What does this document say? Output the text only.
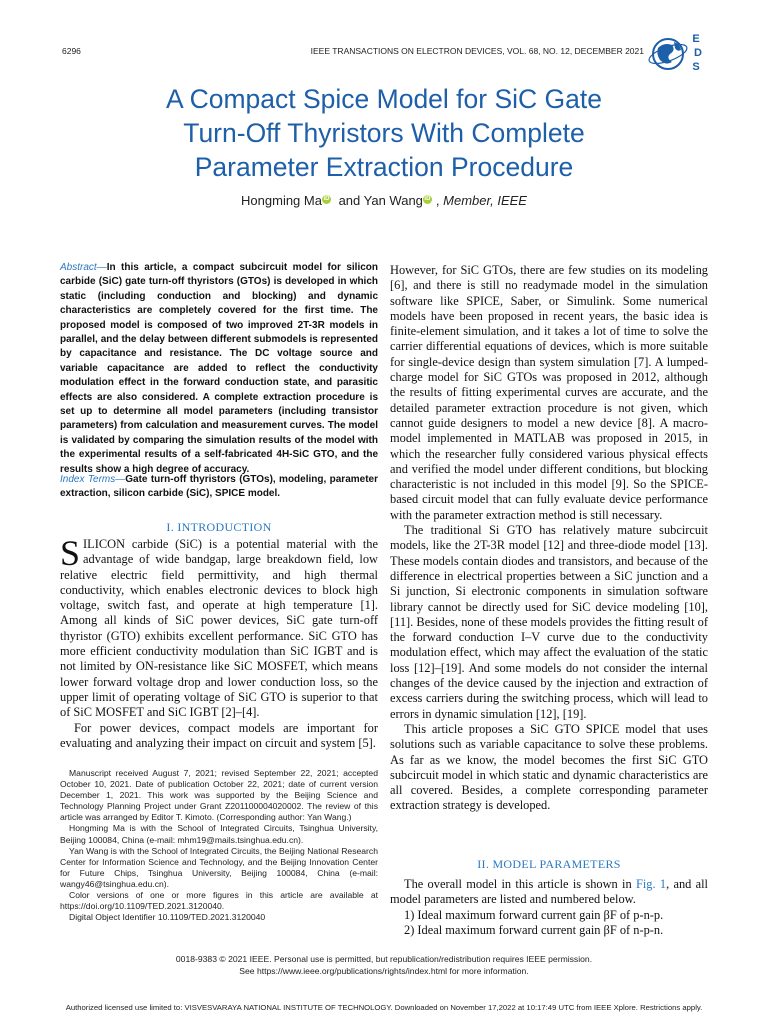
6296	IEEE TRANSACTIONS ON ELECTRON DEVICES, VOL. 68, NO. 12, DECEMBER 2021
E
D
S
A Compact Spice Model for SiC Gate
Turn-Off Thyristors With Complete
Parameter Extraction Procedure
Hongming Ma iD and Yan Wang iD , Member, IEEE
Abstract—In this article, a compact subcircuit model for silicon carbide (SiC) gate turn-off thyristors (GTOs) is developed in which static (including conduction and blocking) and dynamic characteristics are completely covered for the first time. The proposed model is composed of two improved 2T-3R models in parallel, and the delay between different submodels is represented by capacitance and resistance. The DC voltage source and variable capacitance are added to reflect the conductivity modulation effect in the forward conduction state, and parasitic effects are also considered. A complete extraction procedure is set up to determine all model parameters (including transistor parameters) from calculation and measurement curves. The model is validated by comparing the simulation results of the model with the experimental results of a self-fabricated 4H-SiC GTO, and the results show a high degree of accuracy.
Index Terms—Gate turn-off thyristors (GTOs), modeling, parameter extraction, silicon carbide (SiC), SPICE model.
I. INTRODUCTION

SILICON carbide (SiC) is a potential material with the advantage of wide bandgap, large breakdown field, low relative electric field permittivity, and high thermal conductivity, which enables electronic devices to block high voltage, switch fast, and operate at high temperature [1]. Among all kinds of SiC power devices, SiC gate turn-off thyristor (GTO) exhibits excellent performance. SiC GTO has more efficient conductivity modulation than SiC IGBT and is not limited by ON-resistance like SiC MOSFET, which means lower forward voltage drop and lower conduction loss, so the upper limit of operating voltage of SiC GTO is superior to that of SiC MOSFET and SiC IGBT [2]–[4].

For power devices, compact models are important for evaluating and analyzing their impact on circuit and system [5].

Manuscript received August 7, 2021; revised September 22, 2021; accepted October 10, 2021. Date of publication October 22, 2021; date of current version December 1, 2021. This work was supported by the Beijing Science and Technology Planning Project under Grant Z201100004020002. The review of this article was arranged by Editor T. Kimoto. (Corresponding author: Yan Wang.)

Hongming Ma is with the School of Integrated Circuits, Tsinghua University, Beijing 100084, China (e-mail: mhm19@mails.tsinghua.edu.cn).

Yan Wang is with the School of Integrated Circuits, the Beijing National Research Center for Information Science and Technology, and the Beijing Innovation Center for Future Chips, Tsinghua University, Beijing 100084, China (e-mail: wangy46@tsinghua.edu.cn).

Color versions of one or more figures in this article are available at https://doi.org/10.1109/TED.2021.3120040.

Digital Object Identifier 10.1109/TED.2021.3120040

However, for SiC GTOs, there are few studies on its modeling [6], and there is still no readymade model in the simulation software like SPICE, Saber, or Simulink. Some numerical models have been proposed in recent years, the basic idea is finite-element simulation, and it takes a lot of time to solve the carrier differential equations of devices, which is more suitable for single-device design than system simulation [7]. A lumped-charge model for SiC GTOs was proposed in 2012, although the results of fitting experimental curves are accurate, and the detailed parameter extraction procedure is not given, which cannot guide designers to model a new device [8]. A macro-model implemented in MATLAB was proposed in 2015, in which the researcher fully considered various physical effects and verified the model under different conditions, but blocking characteristic is not included in this model [9]. So the SPICE-based circuit model that can fully evaluate device performance with the parameter extraction method is still necessary.

The traditional Si GTO has relatively mature subcircuit models, like the 2T-3R model [12] and three-diode model [13]. These models contain diodes and transistors, and because of the difference in electrical properties between a SiC junction and a Si junction, Si electronic components in simulation software library cannot be directly used for SiC device modeling [10], [11]. Besides, none of these models provides the fitting result of the forward conduction I–V curve due to the conductivity modulation effect, which may affect the evaluation of the static loss [12]–[19]. And some models do not consider the internal changes of the device caused by the injection and extraction of excess carriers during the switching process, which will lead to errors in dynamic simulation [12], [19].

This article proposes a SiC GTO SPICE model that uses solutions such as variable capacitance to solve these problems. As far as we know, the model becomes the first SiC GTO subcircuit model in which static and dynamic characteristics are all covered. Besides, a complete corresponding parameter extraction strategy is developed.

II. MODEL PARAMETERS

The overall model in this article is shown in Fig. 1, and all model parameters are listed and numbered below.

1) Ideal maximum forward current gain βF of p-n-p.

2) Ideal maximum forward current gain βF of n-p-n.

0018-9383 © 2021 IEEE. Personal use is permitted, but republication/redistribution requires IEEE permission.
See https://www.ieee.org/publications/rights/index.html for more information.
Authorized licensed use limited to: VISVESVARAYA NATIONAL INSTITUTE OF TECHNOLOGY. Downloaded on November 17,2022 at 10:17:49 UTC from IEEE Xplore. Restrictions apply.
